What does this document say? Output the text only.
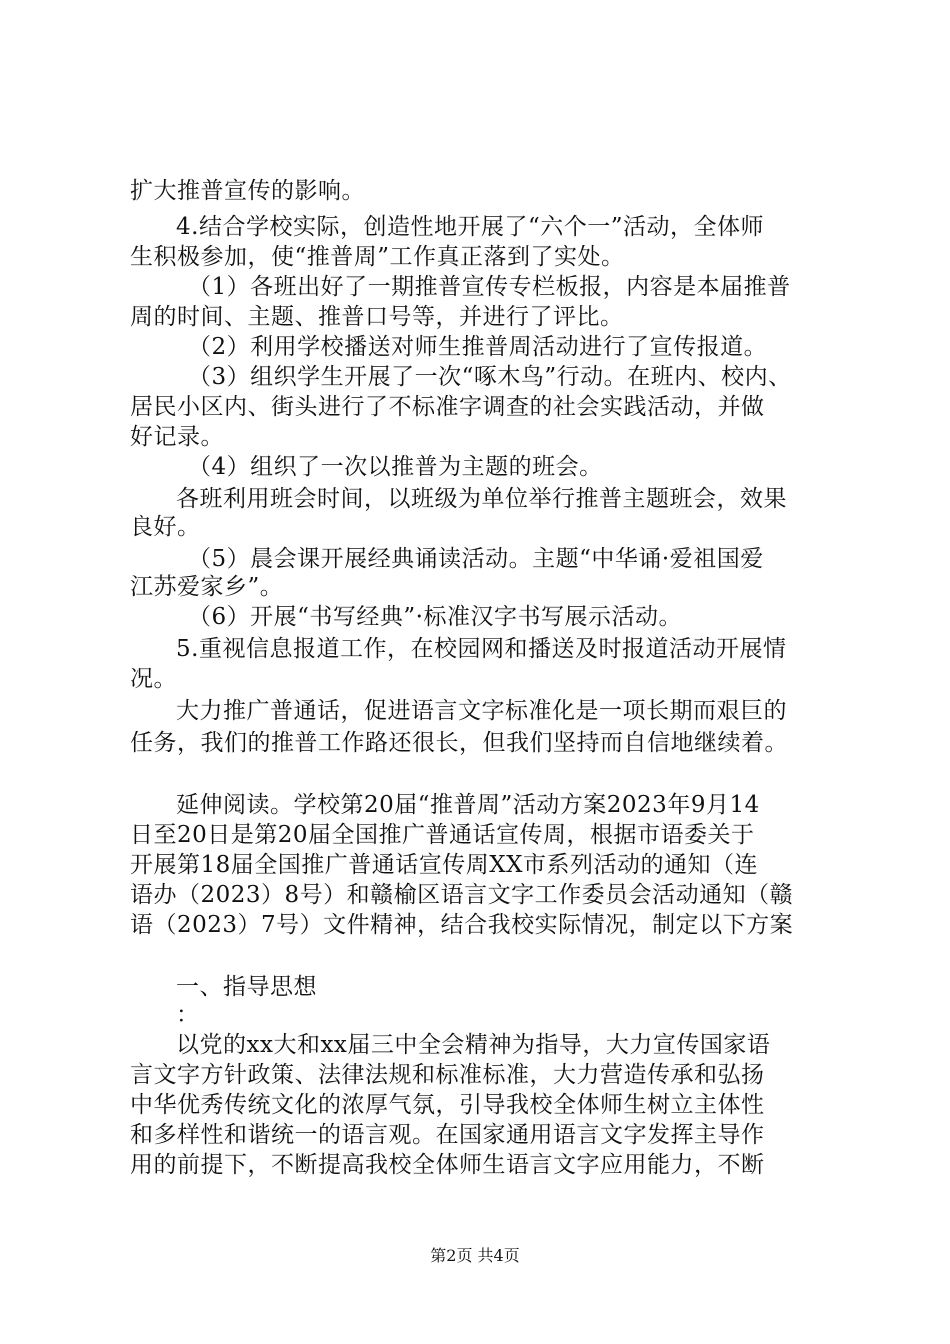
扩大推普宣传的影响。
4.结合学校实际，创造性地开展了“六个一”活动，全体师
生积极参加，使“推普周”工作真正落到了实处。
（1）各班出好了一期推普宣传专栏板报，内容是本届推普
周的时间、主题、推普口号等，并进行了评比。
（2）利用学校播送对师生推普周活动进行了宣传报道。
（3）组织学生开展了一次“啄木鸟”行动。在班内、校内、
居民小区内、街头进行了不标准字调查的社会实践活动，并做
好记录。
（4）组织了一次以推普为主题的班会。
各班利用班会时间，以班级为单位举行推普主题班会，效果
良好。
（5）晨会课开展经典诵读活动。主题“中华诵·爱祖国爱
江苏爱家乡”。
（6）开展“书写经典”·标准汉字书写展示活动。
5.重视信息报道工作，在校园网和播送及时报道活动开展情
况。
大力推广普通话，促进语言文字标准化是一项长期而艰巨的
任务，我们的推普工作路还很长，但我们坚持而自信地继续着。
延伸阅读。学校第20届“推普周”活动方案2023年9月14
日至20日是第20届全国推广普通话宣传周，根据市语委关于
开展第18届全国推广普通话宣传周XX市系列活动的通知（连
语办（2023）8号）和赣榆区语言文字工作委员会活动通知（赣
语（2023）7号）文件精神，结合我校实际情况，制定以下方案
一、指导思想
：
以党的xx大和xx届三中全会精神为指导，大力宣传国家语
言文字方针政策、法律法规和标准标准，大力营造传承和弘扬
中华优秀传统文化的浓厚气氛，引导我校全体师生树立主体性
和多样性和谐统一的语言观。在国家通用语言文字发挥主导作
用的前提下，不断提高我校全体师生语言文字应用能力，不断
第2页 共4页
